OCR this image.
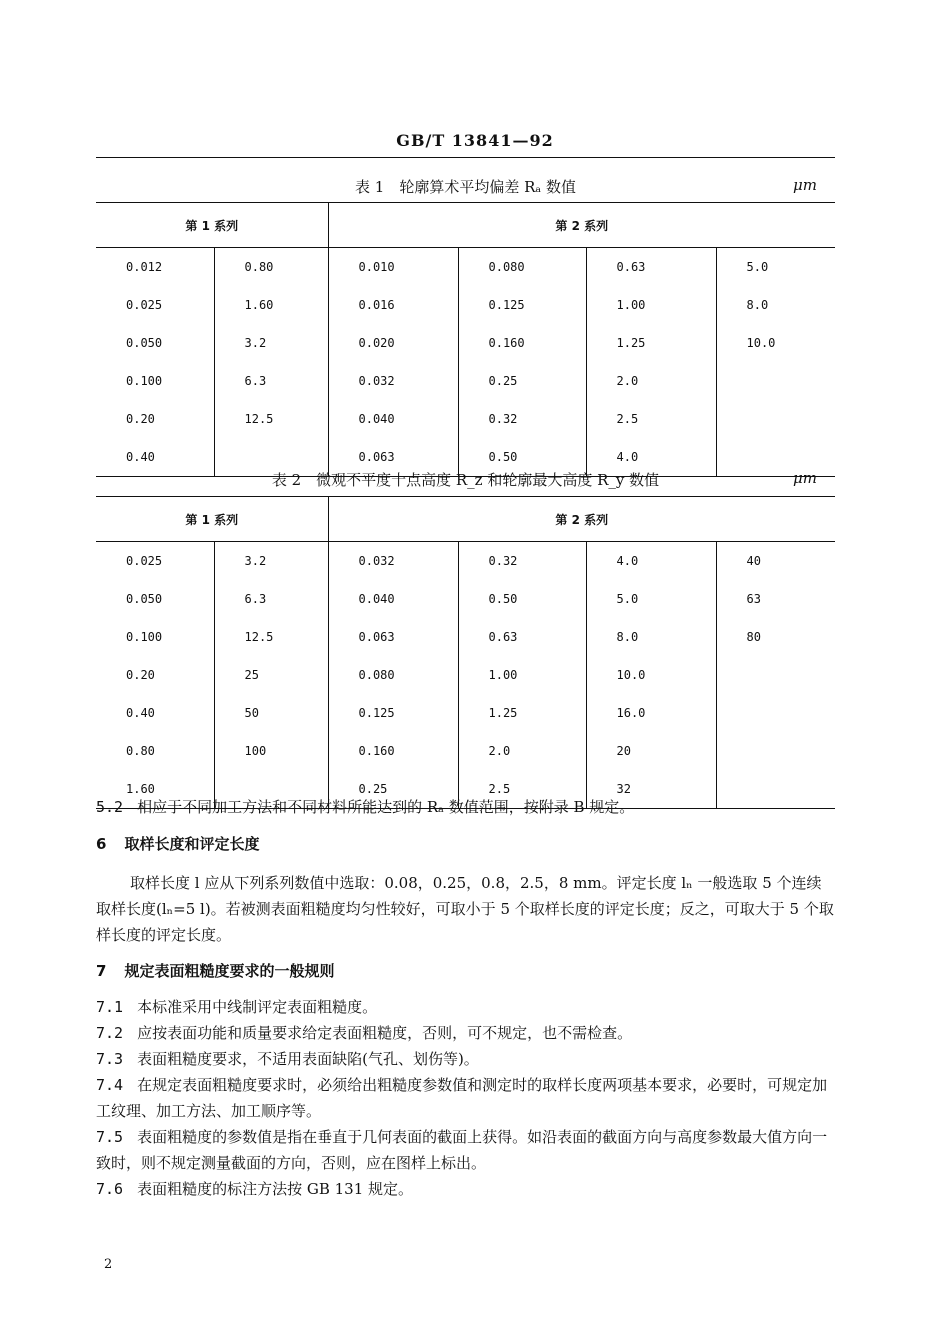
GB/T 13841—92
表 1　轮廓算术平均偏差 Rₐ 数值	μm
第 1 系列		第 2 系列			
0.012	0.80	0.010	0.080	0.63	5.0
0.025	1.60	0.016	0.125	1.00	8.0
0.050	3.2	0.020	0.160	1.25	10.0
0.100	6.3	0.032	0.25	2.0	
0.20	12.5	0.040	0.32	2.5	
0.40		0.063	0.50	4.0	
表 2　微观不平度十点高度 R_z 和轮廓最大高度 R_y 数值	μm
第 1 系列		第 2 系列			
0.025	3.2	0.032	0.32	4.0	40
0.050	6.3	0.040	0.50	5.0	63
0.100	12.5	0.063	0.63	8.0	80
0.20	25	0.080	1.00	10.0	
0.40	50	0.125	1.25	16.0	
0.80	100	0.160	2.0	20	
1.60		0.25	2.5	32	
5.2 相应于不同加工方法和不同材料所能达到的 Rₐ 数值范围，按附录 B 规定。
6 取样长度和评定长度
取样长度 l 应从下列系列数值中选取：0.08，0.25，0.8，2.5，8 mm。评定长度 lₙ 一般选取 5 个连续取样长度(lₙ=5 l)。若被测表面粗糙度均匀性较好，可取小于 5 个取样长度的评定长度；反之，可取大于 5 个取样长度的评定长度。
7 规定表面粗糙度要求的一般规则
7.1 本标准采用中线制评定表面粗糙度。
7.2 应按表面功能和质量要求给定表面粗糙度，否则，可不规定，也不需检查。
7.3 表面粗糙度要求，不适用表面缺陷(气孔、划伤等)。
7.4 在规定表面粗糙度要求时，必须给出粗糙度参数值和测定时的取样长度两项基本要求，必要时，可规定加工纹理、加工方法、加工顺序等。
7.5 表面粗糙度的参数值是指在垂直于几何表面的截面上获得。如沿表面的截面方向与高度参数最大值方向一致时，则不规定测量截面的方向，否则，应在图样上标出。
7.6 表面粗糙度的标注方法按 GB 131 规定。
2
